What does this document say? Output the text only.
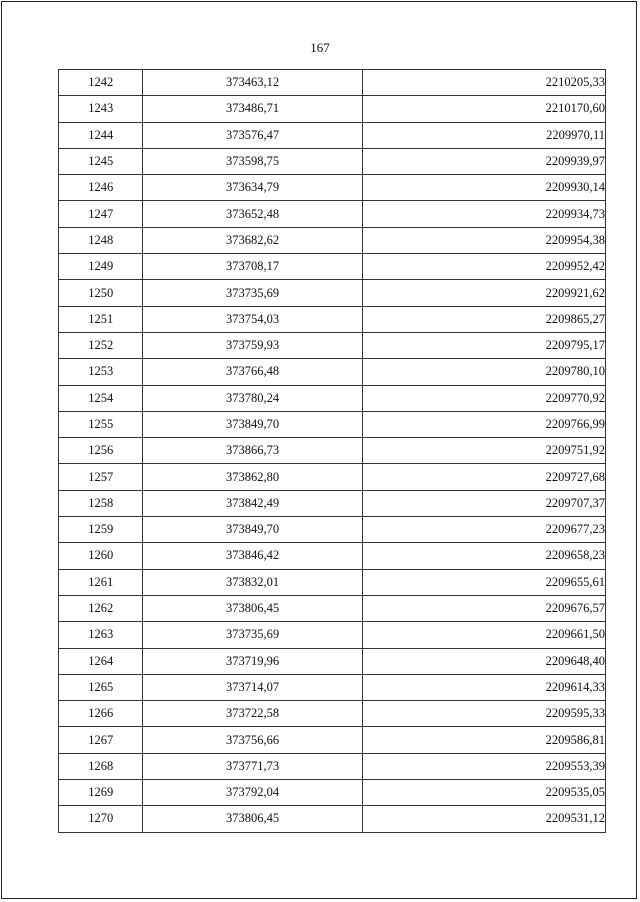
167
1242	373463,12	2210205,33
1243	373486,71	2210170,60
1244	373576,47	2209970,11
1245	373598,75	2209939,97
1246	373634,79	2209930,14
1247	373652,48	2209934,73
1248	373682,62	2209954,38
1249	373708,17	2209952,42
1250	373735,69	2209921,62
1251	373754,03	2209865,27
1252	373759,93	2209795,17
1253	373766,48	2209780,10
1254	373780,24	2209770,92
1255	373849,70	2209766,99
1256	373866,73	2209751,92
1257	373862,80	2209727,68
1258	373842,49	2209707,37
1259	373849,70	2209677,23
1260	373846,42	2209658,23
1261	373832,01	2209655,61
1262	373806,45	2209676,57
1263	373735,69	2209661,50
1264	373719,96	2209648,40
1265	373714,07	2209614,33
1266	373722,58	2209595,33
1267	373756,66	2209586,81
1268	373771,73	2209553,39
1269	373792,04	2209535,05
1270	373806,45	2209531,12
